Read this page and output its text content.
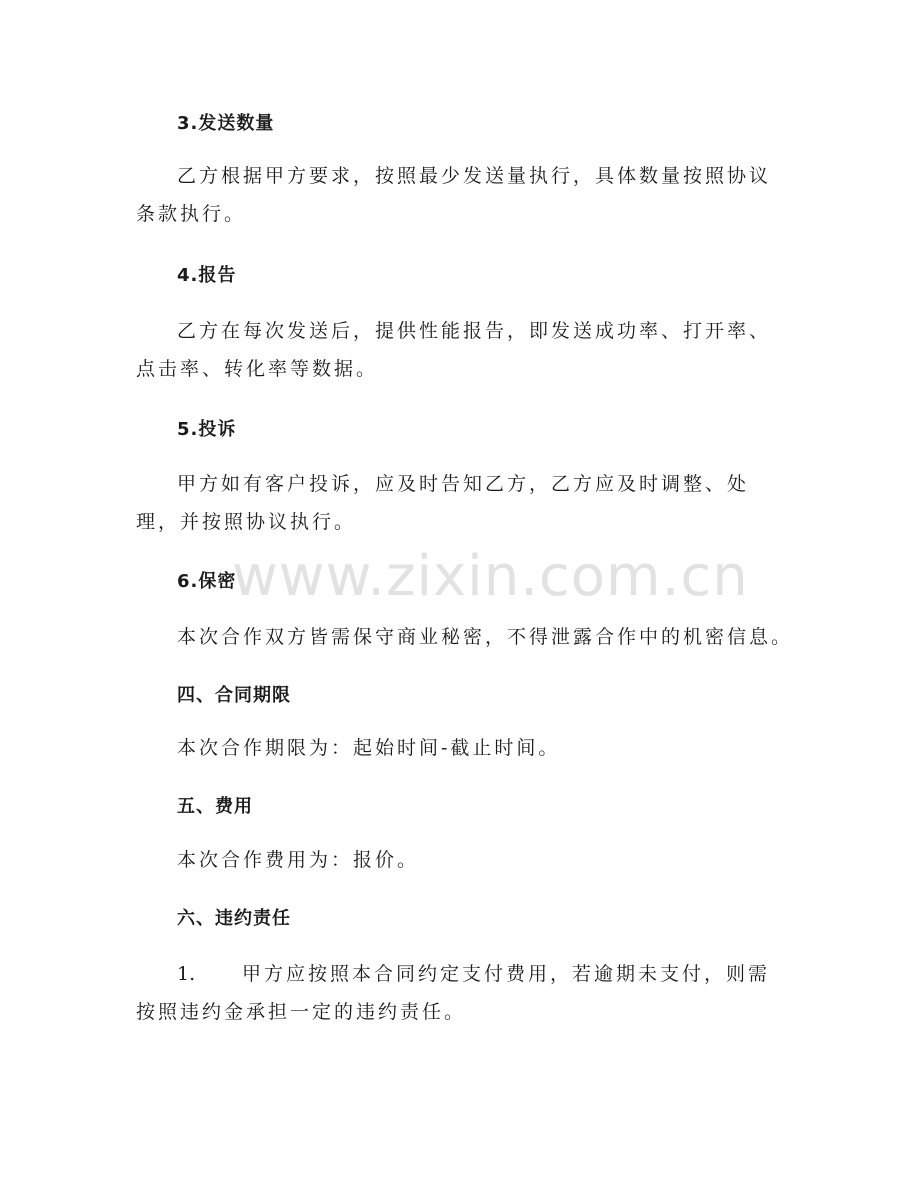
3.发送数量

乙方根据甲方要求，按照最少发送量执行，具体数量按照协议条款执行。

4.报告

乙方在每次发送后，提供性能报告，即发送成功率、打开率、点击率、转化率等数据。

5.投诉

甲方如有客户投诉，应及时告知乙方，乙方应及时调整、处理，并按照协议执行。

6.保密

本次合作双方皆需保守商业秘密，不得泄露合作中的机密信息。

四、合同期限

本次合作期限为：起始时间-截止时间。

五、费用

本次合作费用为：报价。

六、违约责任

1. 甲方应按照本合同约定支付费用，若逾期未支付，则需按照违约金承担一定的违约责任。

www.zixin.com.cn
